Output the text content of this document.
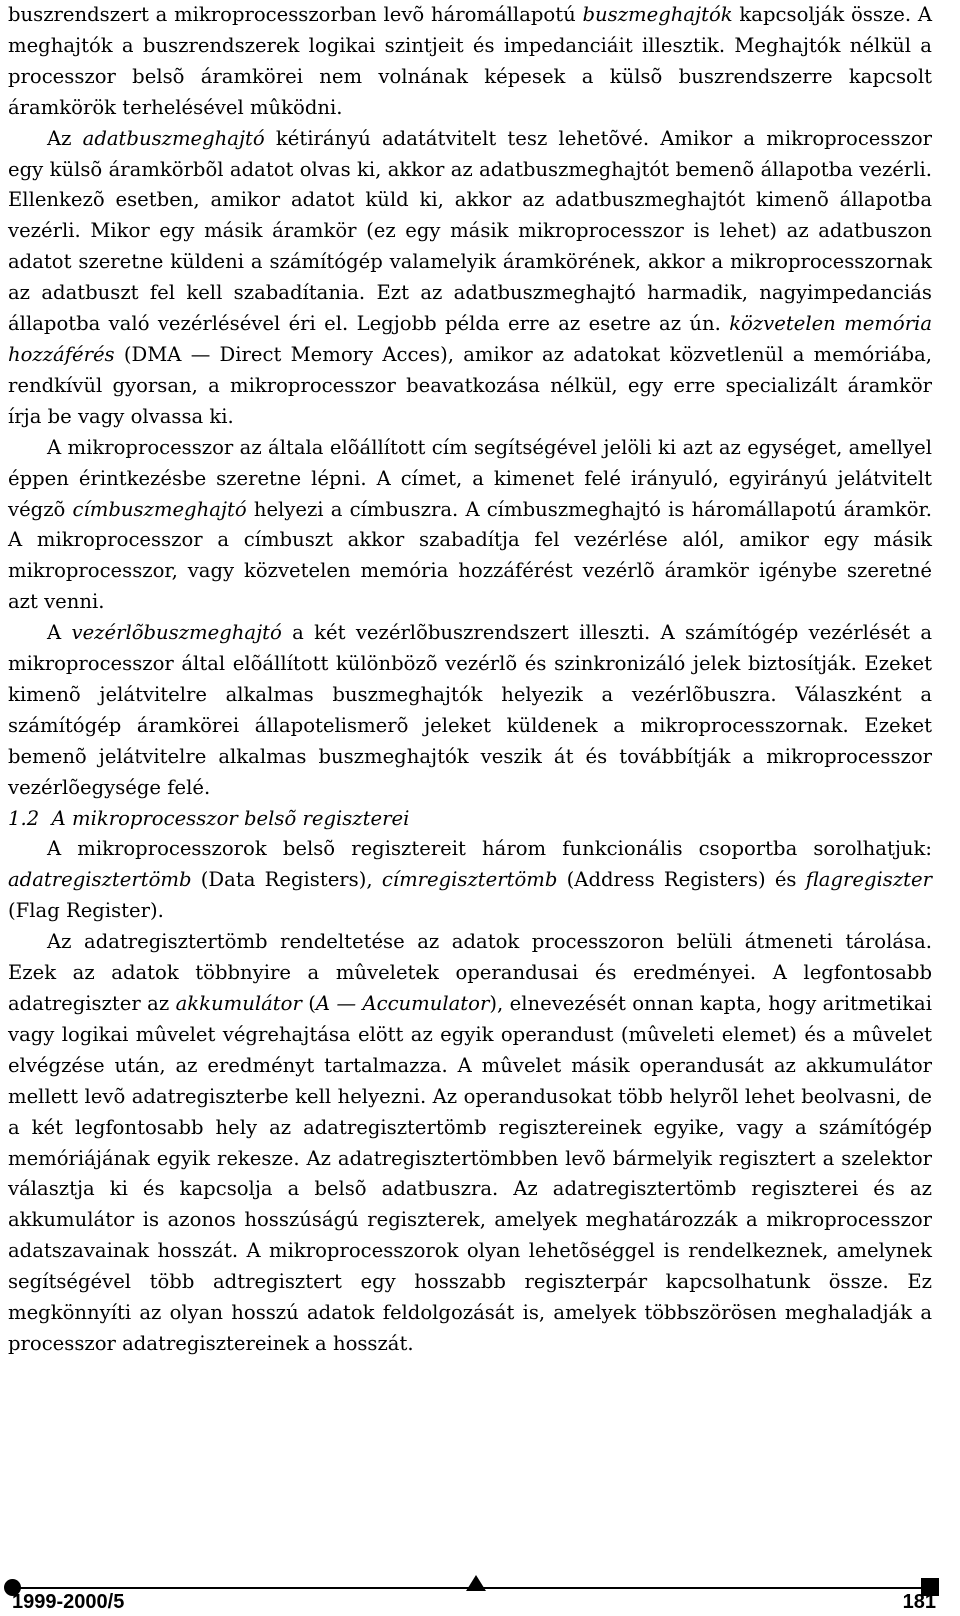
buszrendszert a mikroprocesszorban levõ háromállapotú buszmeghajtók kapcsolják össze. A meghajtók a buszrendszerek logikai szintjeit és impedanciáit illesztik. Meghajtók nélkül a processzor belsõ áramkörei nem volnának képesek a külsõ buszrendszerre kapcsolt áramkörök terhelésével mûködni.

Az adatbuszmeghajtó kétirányú adatátvitelt tesz lehetõvé. Amikor a mikroprocesszor egy külsõ áramkörbõl adatot olvas ki, akkor az adatbuszmeghajtót bemenõ állapotba vezérli. Ellenkezõ esetben, amikor adatot küld ki, akkor az adatbuszmeghajtót kimenõ állapotba vezérli. Mikor egy másik áramkör (ez egy másik mikroprocesszor is lehet) az adatbuszon adatot szeretne küldeni a számítógép valamelyik áramkörének, akkor a mikroprocesszornak az adatbuszt fel kell szabadítania. Ezt az adatbuszmeghajtó harmadik, nagyimpedanciás állapotba való vezérlésével éri el. Legjobb példa erre az esetre az ún. közvetelen memória hozzáférés (DMA — Direct Memory Acces), amikor az adatokat közvetlenül a memóriába, rendkívül gyorsan, a mikroprocesszor beavatkozása nélkül, egy erre specializált áramkör írja be vagy olvassa ki.

A mikroprocesszor az általa elõállított cím segítségével jelöli ki azt az egységet, amellyel éppen érintkezésbe szeretne lépni. A címet, a kimenet felé irányuló, egyirányú jelátvitelt végzõ címbuszmeghajtó helyezi a címbuszra. A címbuszmeghajtó is háromállapotú áramkör. A mikroprocesszor a címbuszt akkor szabadítja fel vezérlése alól, amikor egy másik mikroprocesszor, vagy közvetelen memória hozzáférést vezérlõ áramkör igénybe szeretné azt venni.

A vezérlõbuszmeghajtó a két vezérlõbuszrendszert illeszti. A számítógép vezérlését a mikroprocesszor által elõállított különbözõ vezérlõ és szinkronizáló jelek biztosítják. Ezeket kimenõ jelátvitelre alkalmas buszmeghajtók helyezik a vezérlõbuszra. Válaszként a számítógép áramkörei állapotelismerõ jeleket küldenek a mikroprocesszornak. Ezeket bemenõ jelátvitelre alkalmas buszmeghajtók veszik át és továbbítják a mikroprocesszor vezérlõegysége felé.

1.2 A mikroprocesszor belsõ regiszterei

A mikroprocesszorok belsõ regisztereit három funkcionális csoportba sorolhatjuk: adatregisztertömb (Data Registers), címregisztertömb (Address Registers) és flagregiszter (Flag Register).

Az adatregisztertömb rendeltetése az adatok processzoron belüli átmeneti tárolása. Ezek az adatok többnyire a mûveletek operandusai és eredményei. A legfontosabb adatregiszter az akkumulátor (A — Accumulator), elnevezését onnan kapta, hogy aritmetikai vagy logikai mûvelet végrehajtása elött az egyik operandust (mûveleti elemet) és a mûvelet elvégzése után, az eredményt tartalmazza. A mûvelet másik operandusát az akkumulátor mellett levõ adatregiszterbe kell helyezni. Az operandusokat több helyrõl lehet beolvasni, de a két legfontosabb hely az adatregisztertömb regisztereinek egyike, vagy a számítógép memóriájának egyik rekesze. Az adatregisztertömbben levõ bármelyik regisztert a szelektor választja ki és kapcsolja a belsõ adatbuszra. Az adatregisztertömb regiszterei és az akkumulátor is azonos hosszúságú regiszterek, amelyek meghatározzák a mikroprocesszor adatszavainak hosszát. A mikroprocesszorok olyan lehetõséggel is rendelkeznek, amelynek segítségével több adtregisztert egy hosszabb regiszterpár kapcsolhatunk össze. Ez megkönnyíti az olyan hosszú adatok feldolgozását is, amelyek többszörösen meghaladják a processzor adatregisztereinek a hosszát.

1999-2000/5	181
